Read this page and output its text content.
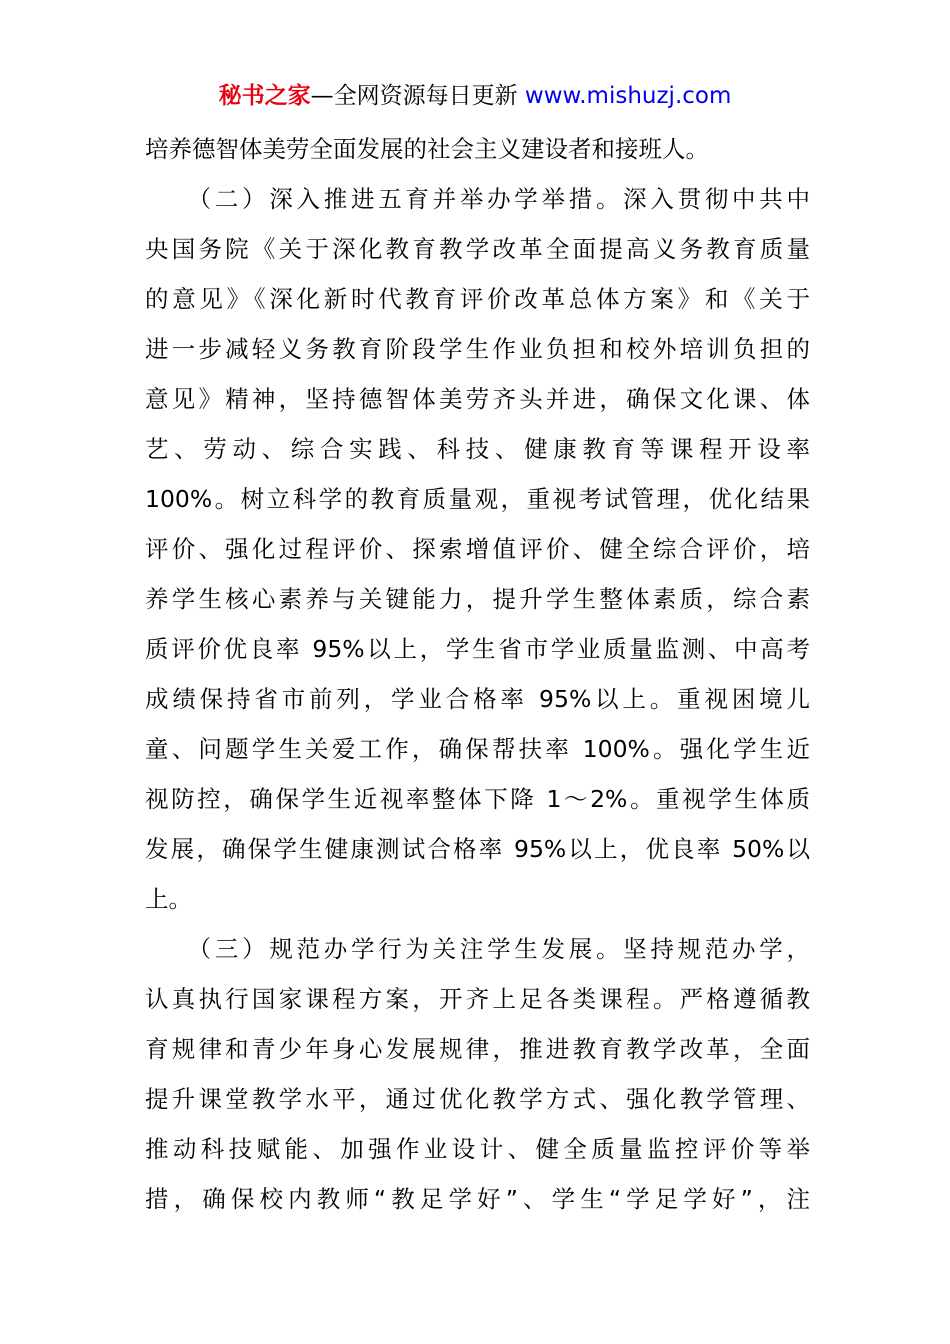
秘书之家—全网资源每日更新 www.mishuzj.com
培养德智体美劳全面发展的社会主义建设者和接班人。
　　（二）深入推进五育并举办学举措。深入贯彻中共中
央国务院《关于深化教育教学改革全面提高义务教育质量
的意见》《深化新时代教育评价改革总体方案》和《关于
进一步减轻义务教育阶段学生作业负担和校外培训负担的
意见》精神，坚持德智体美劳齐头并进，确保文化课、体
艺、劳动、综合实践、科技、健康教育等课程开设率
100%。树立科学的教育质量观，重视考试管理，优化结果
评价、强化过程评价、探索增值评价、健全综合评价，培
养学生核心素养与关键能力，提升学生整体素质，综合素
质评价优良率 95%以上，学生省市学业质量监测、中高考
成绩保持省市前列，学业合格率 95%以上。重视困境儿
童、问题学生关爱工作，确保帮扶率 100%。强化学生近
视防控，确保学生近视率整体下降 1～2%。重视学生体质
发展，确保学生健康测试合格率 95%以上，优良率 50%以
上。
　　（三）规范办学行为关注学生发展。坚持规范办学，
认真执行国家课程方案，开齐上足各类课程。严格遵循教
育规律和青少年身心发展规律，推进教育教学改革，全面
提升课堂教学水平，通过优化教学方式、强化教学管理、
推动科技赋能、加强作业设计、健全质量监控评价等举
措，确保校内教师“教足学好”、学生“学足学好”，注
